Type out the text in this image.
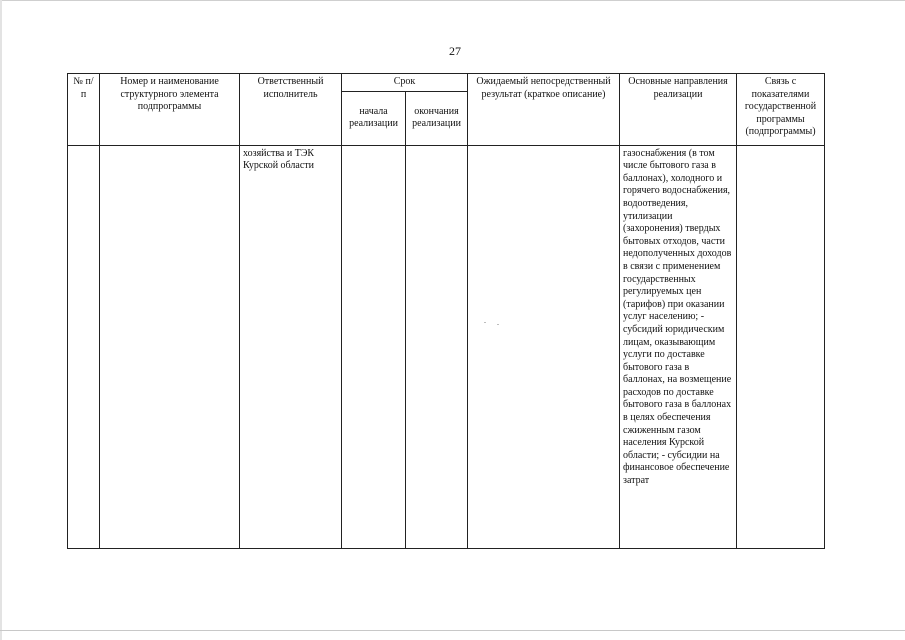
27
№ п/п	Номер и наименование структурного элемента подпрограммы	Ответственный исполнитель	Срок		Ожидаемый непосредственный результат (краткое описание)	Основные направления реализации	Связь с показателями государственной программы (подпрограммы)
			начала реализации	окончания реализации			
		хозяйства и ТЭК Курской области				газоснабжения (в том числе бытового газа в баллонах), холодного и горячего водоснабжения, водоотведения, утилизации (захоронения) твердых бытовых отходов, части недополученных доходов в связи с применением государственных регулируемых цен (тарифов) при оказании услуг населению; - субсидий юридическим лицам, оказывающим услуги по доставке бытового газа в баллонах, на возмещение расходов по доставке бытового газа в баллонах в целях обеспечения сжиженным газом населения Курской области; - субсидии на финансовое обеспечение затрат	
